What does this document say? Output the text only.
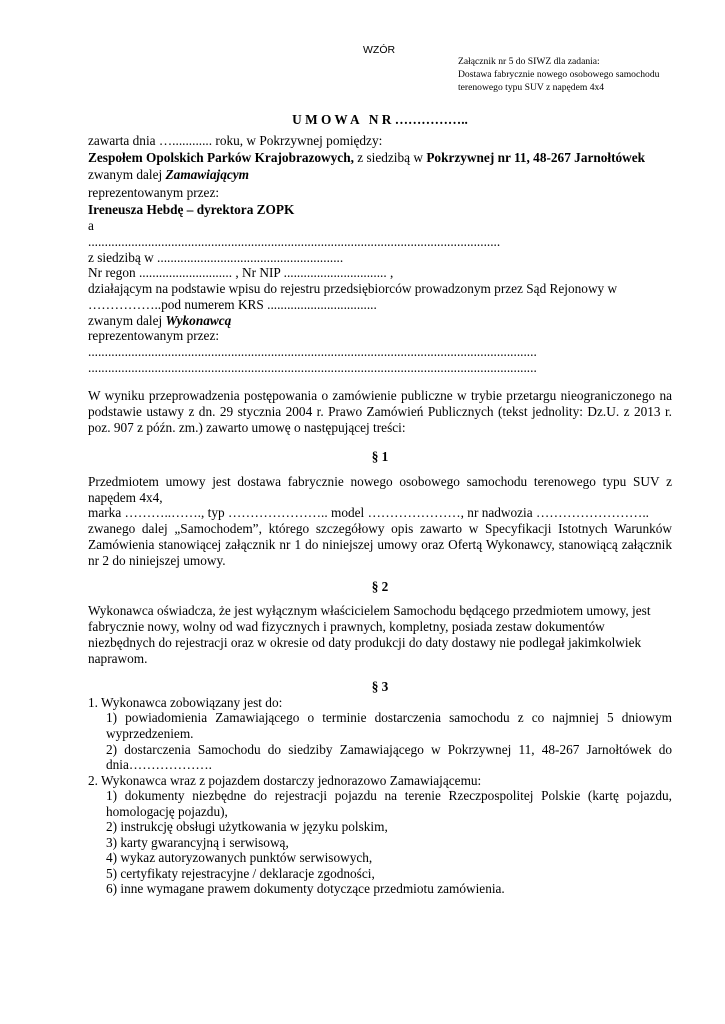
WZÓR
Załącznik nr 5 do SIWZ dla zadania:
Dostawa fabrycznie nowego osobowego samochodu
terenowego typu SUV z napędem 4x4
U M O W A   N R ……………..
zawarta dnia …............ roku, w Pokrzywnej pomiędzy:
Zespołem Opolskich Parków Krajobrazowych, z siedzibą w Pokrzywnej nr 11, 48-267 Jarnołtówek
zwanym dalej Zamawiającym
reprezentowanym przez:
Ireneusza Hebdę – dyrektora ZOPK
a
............................................................................................................................
z siedzibą w ........................................................
Nr regon ............................ , Nr NIP ............................... ,
działającym na podstawie wpisu do rejestru przedsiębiorców prowadzonym przez Sąd Rejonowy w
……………..pod numerem KRS .................................
zwanym dalej Wykonawcą
reprezentowanym przez:
.......................................................................................................................................
.......................................................................................................................................
W wyniku przeprowadzenia postępowania o zamówienie publiczne w trybie przetargu nieograniczonego na
podstawie ustawy z dn. 29 stycznia 2004 r. Prawo Zamówień Publicznych (tekst jednolity: Dz.U. z 2013 r.
poz. 907 z późn. zm.) zawarto umowę o następującej treści:
§ 1
Przedmiotem umowy jest dostawa fabrycznie nowego osobowego samochodu terenowego typu SUV z
napędem 4x4,
marka ………..……., typ ………………….. model …………………, nr nadwozia ……………………..
zwanego dalej „Samochodem”, którego szczegółowy opis zawarto w Specyfikacji Istotnych Warunków
Zamówienia stanowiącej załącznik nr 1 do niniejszej umowy oraz Ofertą Wykonawcy, stanowiącą załącznik
nr 2 do niniejszej umowy.
§ 2
Wykonawca oświadcza, że jest wyłącznym właścicielem Samochodu będącego przedmiotem umowy, jest
fabrycznie nowy, wolny od wad fizycznych i prawnych, kompletny, posiada zestaw dokumentów
niezbędnych do rejestracji oraz w okresie od daty produkcji do daty dostawy nie podlegał jakimkolwiek
naprawom.
§ 3
1. Wykonawca zobowiązany jest do:
1) powiadomienia Zamawiającego o terminie dostarczenia samochodu z co najmniej 5 dniowym
wyprzedzeniem.
2) dostarczenia Samochodu do siedziby Zamawiającego w Pokrzywnej 11, 48-267 Jarnołtówek do
dnia……………….
2. Wykonawca wraz z pojazdem dostarczy jednorazowo Zamawiającemu:
1) dokumenty niezbędne do rejestracji pojazdu na terenie Rzeczpospolitej Polskie (kartę pojazdu,
homologację pojazdu),
2) instrukcję obsługi użytkowania w języku polskim,
3) karty gwarancyjną i serwisową,
4) wykaz autoryzowanych punktów serwisowych,
5) certyfikaty rejestracyjne / deklaracje zgodności,
6) inne wymagane prawem dokumenty dotyczące przedmiotu zamówienia.
